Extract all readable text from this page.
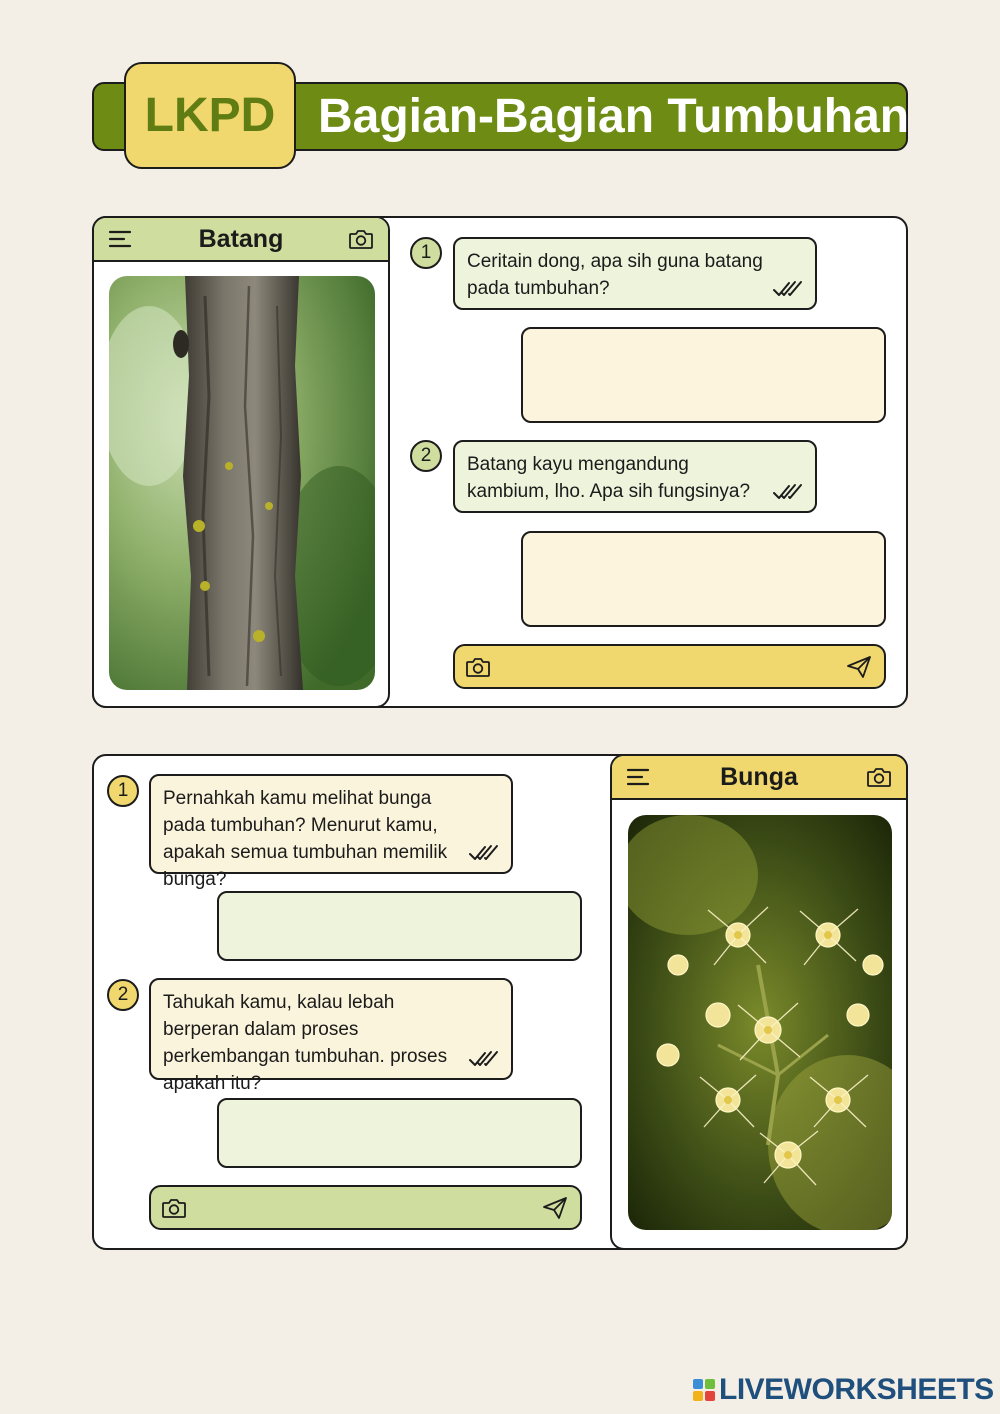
Bagian-Bagian Tumbuhan
LKPD
Batang	1	Ceritain dong, apa sih guna batang pada tumbuhan?
2	Batang kayu mengandung kambium, lho. Apa sih fungsinya?
Bunga
1	Pernahkah kamu melihat bunga pada tumbuhan? Menurut kamu, apakah semua tumbuhan memilik bunga?
2	Tahukah kamu, kalau lebah berperan dalam proses perkembangan tumbuhan. proses apakah itu?
LIVEWORKSHEETS
